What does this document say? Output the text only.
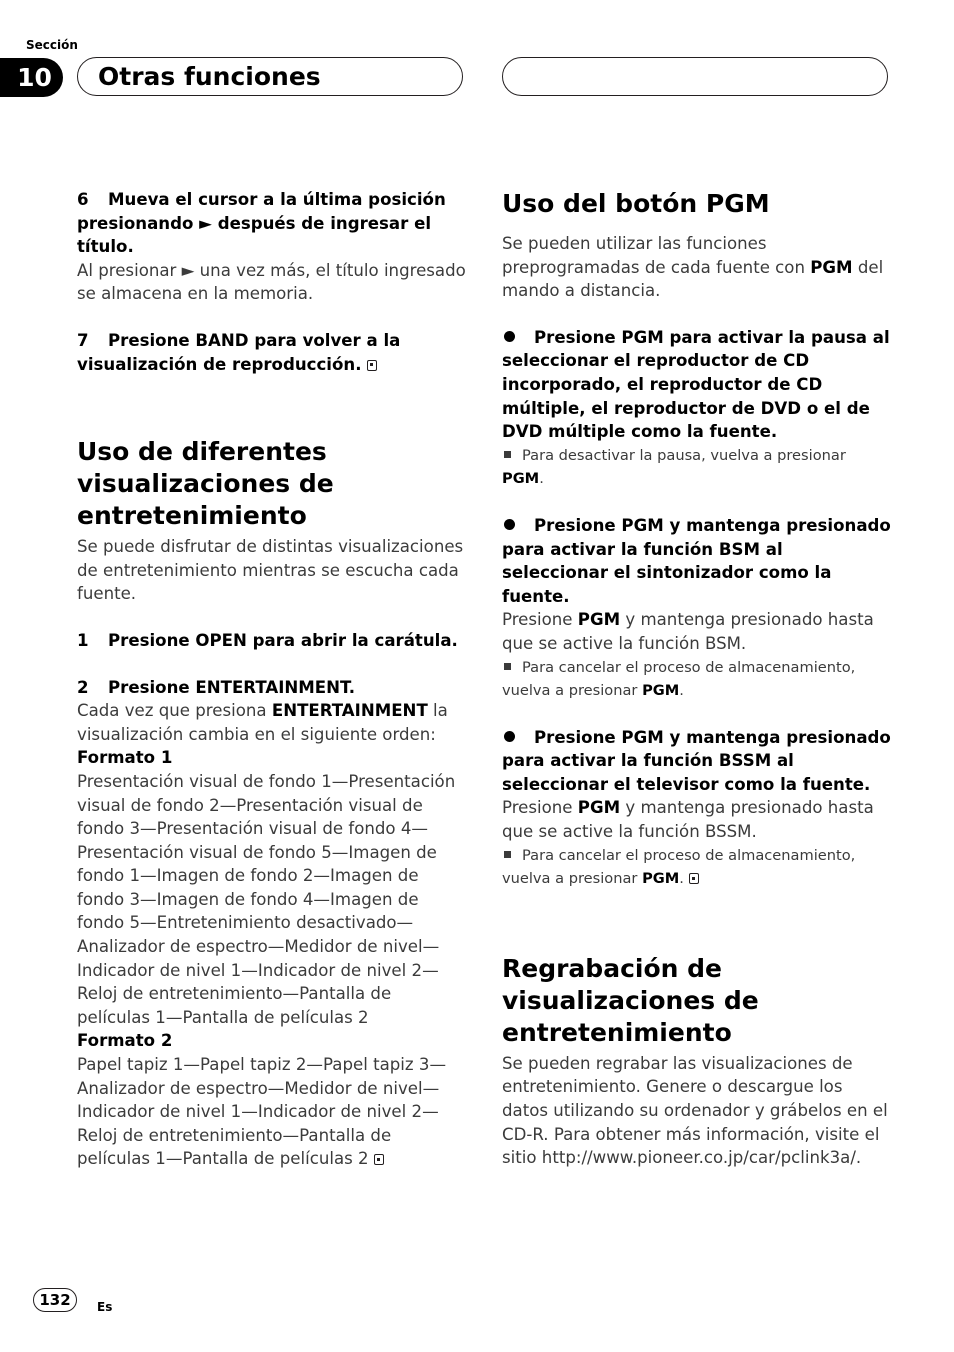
Sección
10	Otras funciones

6 Mueva el cursor a la última posición presionando ► después de ingresar el título.

Al presionar ► una vez más, el título ingresado se almacena en la memoria.

7 Presione BAND para volver a la visualización de reproducción.

Uso de diferentes visualizaciones de entretenimiento

Se puede disfrutar de distintas visualizaciones de entretenimiento mientras se escucha cada fuente.

1 Presione OPEN para abrir la carátula.

2 Presione ENTERTAINMENT.

Cada vez que presiona ENTERTAINMENT la visualización cambia en el siguiente orden:

Formato 1

Presentación visual de fondo 1—Presentación visual de fondo 2—Presentación visual de fondo 3—Presentación visual de fondo 4—Presentación visual de fondo 5—Imagen de fondo 1—Imagen de fondo 2—Imagen de fondo 3—Imagen de fondo 4—Imagen de fondo 5—Entretenimiento desactivado—Analizador de espectro—Medidor de nivel—Indicador de nivel 1—Indicador de nivel 2—Reloj de entretenimiento—Pantalla de películas 1—Pantalla de películas 2

Formato 2

Papel tapiz 1—Papel tapiz 2—Papel tapiz 3—Analizador de espectro—Medidor de nivel—Indicador de nivel 1—Indicador de nivel 2—Reloj de entretenimiento—Pantalla de películas 1—Pantalla de películas 2

Uso del botón PGM

Se pueden utilizar las funciones preprogramadas de cada fuente con PGM del mando a distancia.

Presione PGM para activar la pausa al seleccionar el reproductor de CD incorporado, el reproductor de CD múltiple, el reproductor de DVD o el de DVD múltiple como la fuente.

Para desactivar la pausa, vuelva a presionar PGM.

Presione PGM y mantenga presionado para activar la función BSM al seleccionar el sintonizador como la fuente.

Presione PGM y mantenga presionado hasta que se active la función BSM.

Para cancelar el proceso de almacenamiento, vuelva a presionar PGM.

Presione PGM y mantenga presionado para activar la función BSSM al seleccionar el televisor como la fuente.

Presione PGM y mantenga presionado hasta que se active la función BSSM.

Para cancelar el proceso de almacenamiento, vuelva a presionar PGM.

Regrabación de visualizaciones de entretenimiento

Se pueden regrabar las visualizaciones de entretenimiento. Genere o descargue los datos utilizando su ordenador y grábelos en el CD-R. Para obtener más información, visite el sitio http://www.pioneer.co.jp/car/pclink3a/.

132	Es
